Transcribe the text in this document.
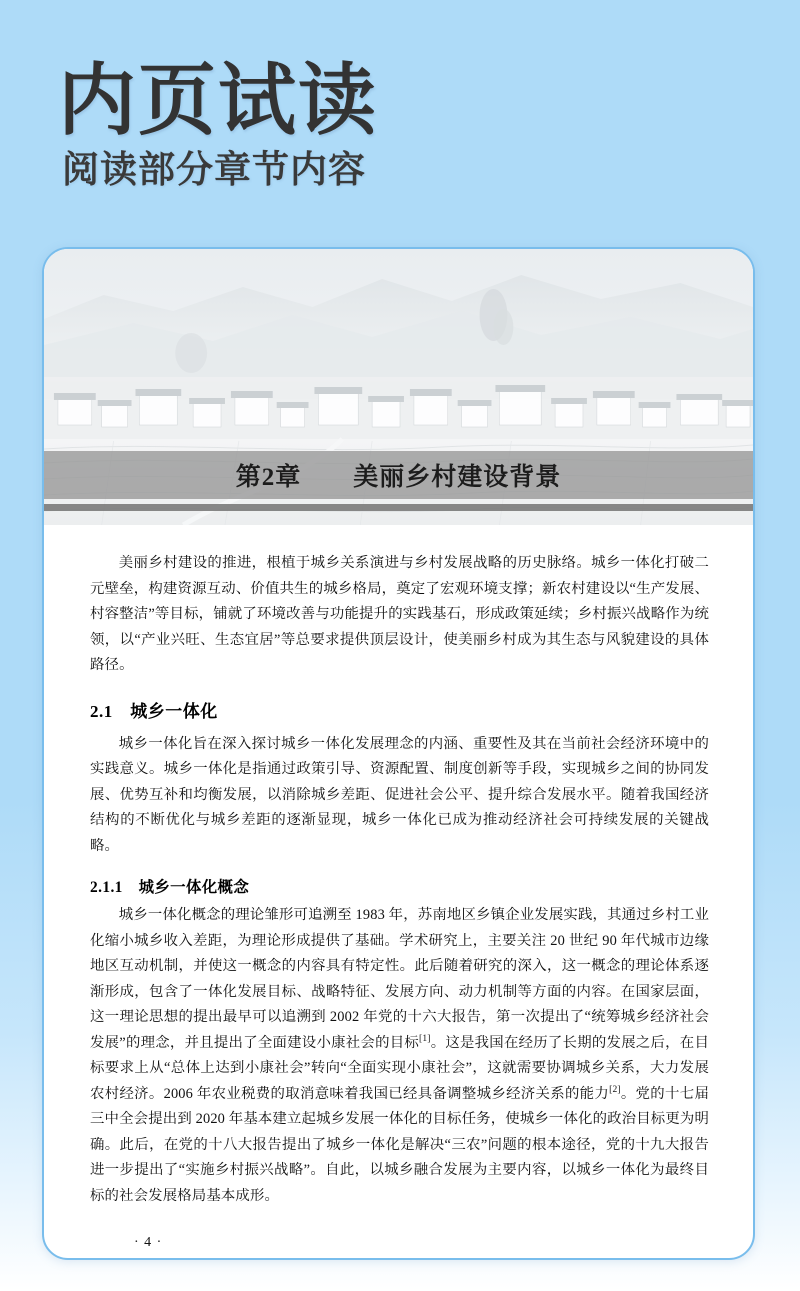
内页试读
阅读部分章节内容
第2章　　美丽乡村建设背景

美丽乡村建设的推进，根植于城乡关系演进与乡村发展战略的历史脉络。城乡一体化打破二元壁垒，构建资源互动、价值共生的城乡格局，奠定了宏观环境支撑；新农村建设以“生产发展、村容整洁”等目标，铺就了环境改善与功能提升的实践基石，形成政策延续；乡村振兴战略作为统领，以“产业兴旺、生态宜居”等总要求提供顶层设计，使美丽乡村成为其生态与风貌建设的具体路径。

2.1　城乡一体化

城乡一体化旨在深入探讨城乡一体化发展理念的内涵、重要性及其在当前社会经济环境中的实践意义。城乡一体化是指通过政策引导、资源配置、制度创新等手段，实现城乡之间的协同发展、优势互补和均衡发展，以消除城乡差距、促进社会公平、提升综合发展水平。随着我国经济结构的不断优化与城乡差距的逐渐显现，城乡一体化已成为推动经济社会可持续发展的关键战略。

2.1.1　城乡一体化概念

城乡一体化概念的理论雏形可追溯至 1983 年，苏南地区乡镇企业发展实践，其通过乡村工业化缩小城乡收入差距，为理论形成提供了基础。学术研究上，主要关注 20 世纪 90 年代城市边缘地区互动机制，并使这一概念的内容具有特定性。此后随着研究的深入，这一概念的理论体系逐渐形成，包含了一体化发展目标、战略特征、发展方向、动力机制等方面的内容。在国家层面，这一理论思想的提出最早可以追溯到 2002 年党的十六大报告，第一次提出了“统筹城乡经济社会发展”的理念，并且提出了全面建设小康社会的目标[1]。这是我国在经历了长期的发展之后，在目标要求上从“总体上达到小康社会”转向“全面实现小康社会”，这就需要协调城乡关系，大力发展农村经济。2006 年农业税费的取消意味着我国已经具备调整城乡经济关系的能力[2]。党的十七届三中全会提出到 2020 年基本建立起城乡发展一体化的目标任务，使城乡一体化的政治目标更为明确。此后，在党的十八大报告提出了城乡一体化是解决“三农”问题的根本途径，党的十九大报告进一步提出了“实施乡村振兴战略”。自此，以城乡融合发展为主要内容，以城乡一体化为最终目标的社会发展格局基本成形。

· 4 ·
